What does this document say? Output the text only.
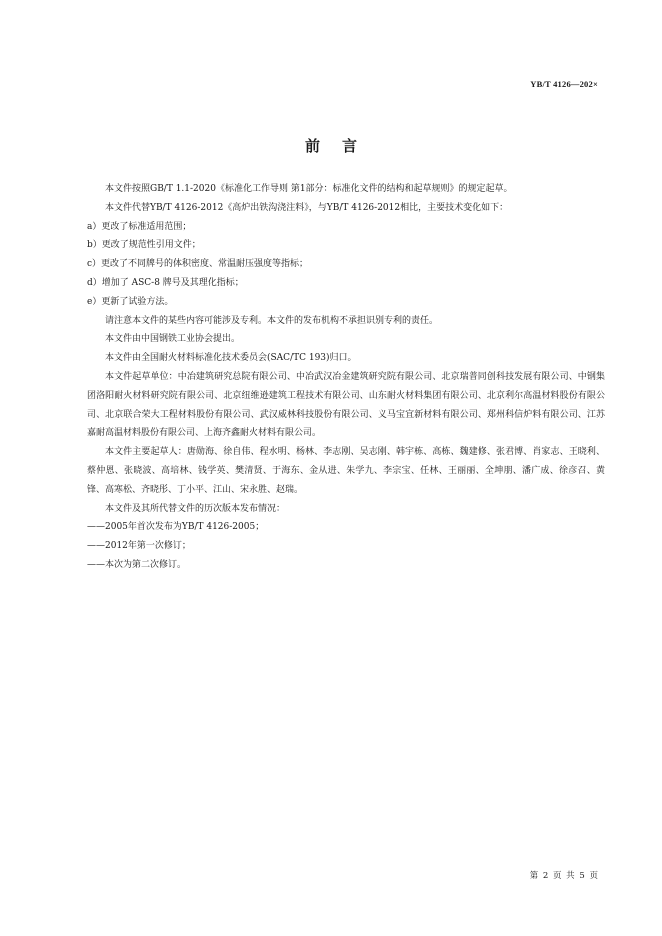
YB/T 4126—202×
前言

本文件按照GB/T 1.1-2020《标准化工作导则 第1部分：标准化文件的结构和起草规则》的规定起草。

本文件代替YB/T 4126-2012《高炉出铁沟浇注料》，与YB/T 4126-2012相比，主要技术变化如下：

a）更改了标准适用范围；

b）更改了规范性引用文件；

c）更改了不同牌号的体积密度、常温耐压强度等指标；

d）增加了 ASC-8 牌号及其理化指标；

e）更新了试验方法。

请注意本文件的某些内容可能涉及专利。本文件的发布机构不承担识别专利的责任。

本文件由中国钢铁工业协会提出。

本文件由全国耐火材料标准化技术委员会(SAC/TC 193)归口。

本文件起草单位：中冶建筑研究总院有限公司、中冶武汉冶金建筑研究院有限公司、北京瑞普同创科技发展有限公司、中钢集团洛阳耐火材料研究院有限公司、北京纽维逊建筑工程技术有限公司、山东耐火材料集团有限公司、北京利尔高温材料股份有限公司、北京联合荣大工程材料股份有限公司、武汉威林科技股份有限公司、义马宝宜新材料有限公司、郑州科信炉料有限公司、江苏嘉耐高温材料股份有限公司、上海齐鑫耐火材料有限公司。

本文件主要起草人：唐勋海、徐自伟、程水明、杨林、李志刚、吴志刚、韩宇栋、高栋、魏建修、张君博、肖家志、王晓利、蔡仲恩、张晓波、高培林、钱学英、樊清贤、于海东、金从进、朱学九、李宗宝、任林、王丽丽、全坤朋、潘广成、徐彦召、黄锋、高寒松、齐晓彤、丁小平、江山、宋永胜、赵瑞。

本文件及其所代替文件的历次版本发布情况：

——2005年首次发布为YB/T 4126-2005；

——2012年第一次修订；

——本次为第二次修订。

第 2 页 共 5 页
